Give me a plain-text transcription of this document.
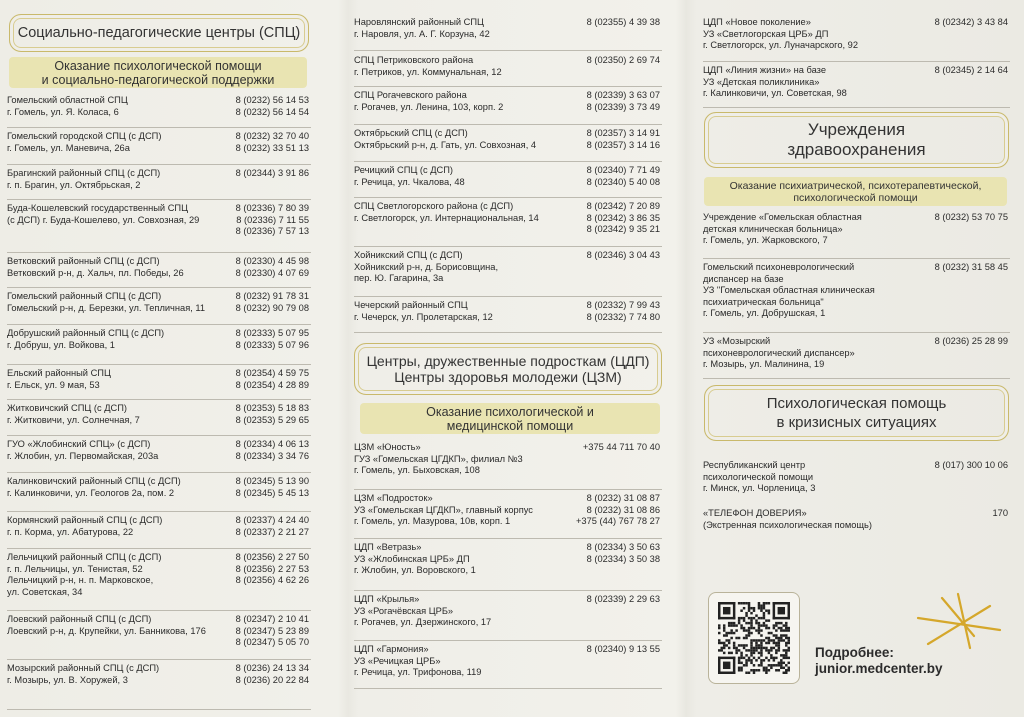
Социально-педагогические центры (СПЦ)
Оказание психологической помощи
и социально-педагогической поддержки
Гомельский областной СПЦ
г. Гомель, ул. Я. Коласа, 6
8 (0232) 56 14 53
8 (0232) 56 14 54
Гомельский городской СПЦ (с ДСП)
г. Гомель, ул. Маневича, 26а
8 (0232) 32 70 40
8 (0232) 33 51 13
Брагинский районный СПЦ (с ДСП)
г. п. Брагин, ул. Октябрьская, 2
8 (02344) 3 91 86
Буда-Кошелевский государственный СПЦ
(с ДСП) г. Буда-Кошелево, ул. Совхозная, 29
8 (02336) 7 80 39
8 (02336) 7 11 55
8 (02336) 7 57 13
Ветковский районный СПЦ (с ДСП)
Ветковский р-н, д. Хальч, пл. Победы, 26
8 (02330) 4 45 98
8 (02330) 4 07 69
Гомельский районный СПЦ (с ДСП)
Гомельский р-н, д. Березки, ул. Тепличная, 11
8 (0232) 91 78 31
8 (0232) 90 79 08
Добрушский районный СПЦ (с ДСП)
г. Добруш, ул. Войкова, 1
8 (02333) 5 07 95
8 (02333) 5 07 96
Ельский районный СПЦ
г. Ельск, ул. 9 мая, 53
8 (02354) 4 59 75
8 (02354) 4 28 89
Житковичский СПЦ (с ДСП)
г. Житковичи, ул. Солнечная, 7
8 (02353) 5 18 83
8 (02353) 5 29 65
ГУО «Жлобинский СПЦ» (с ДСП)
г. Жлобин, ул. Первомайская, 203а
8 (02334) 4 06 13
8 (02334) 3 34 76
Калинковичский районный СПЦ (с ДСП)
г. Калинковичи, ул. Геологов 2а, пом. 2
8 (02345) 5 13 90
8 (02345) 5 45 13
Кормянский районный СПЦ (с ДСП)
г. п. Корма, ул. Абатурова, 22
8 (02337) 4 24 40
8 (02337) 2 21 27
Лельчицкий районный СПЦ (с ДСП)
г. п. Лельчицы, ул. Тенистая, 52
Лельчицкий р-н, н. п. Марковское,
ул. Советская, 34
8 (02356) 2 27 50
8 (02356) 2 27 53
8 (02356) 4 62 26
Лоевский районный СПЦ (с ДСП)
Лоевский р-н, д. Крупейки, ул. Банникова, 176
8 (02347) 2 10 41
8 (02347) 5 23 89
8 (02347) 5 05 70
Мозырский районный СПЦ (с ДСП)
г. Мозырь, ул. В. Хоружей, 3
8 (0236) 24 13 34
8 (0236) 20 22 84
Наровлянский районный СПЦ
г. Наровля, ул. А. Г. Корзуна, 42
8 (02355) 4 39 38
СПЦ Петриковского района
г. Петриков, ул. Коммунальная, 12
8 (02350) 2 69 74
СПЦ Рогачевского района
г. Рогачев, ул. Ленина, 103, корп. 2
8 (02339) 3 63 07
8 (02339) 3 73 49
Октябрьский СПЦ (с ДСП)
Октябрьский р-н, д. Гать, ул. Совхозная, 4
8 (02357) 3 14 91
8 (02357) 3 14 16
Речицкий СПЦ (с ДСП)
г. Речица, ул. Чкалова, 48
8 (02340) 7 71 49
8 (02340) 5 40 08
СПЦ Светлогорского района (с ДСП)
г. Светлогорск, ул. Интернациональная, 14
8 (02342) 7 20 89
8 (02342) 3 86 35
8 (02342) 9 35 21
Хойникский СПЦ (с ДСП)
Хойникский р-н, д. Борисовщина,
пер. Ю. Гагарина, 3а
8 (02346) 3 04 43
Чечерский районный СПЦ
г. Чечерск, ул. Пролетарская, 12
8 (02332) 7 99 43
8 (02332) 7 74 80
Центры, дружественные подросткам (ЦДП)
Центры здоровья молодежи (ЦЗМ)
Оказание психологической и
медицинской помощи
ЦЗМ «Юность»
ГУЗ «Гомельская ЦГДКП», филиал №3
г. Гомель, ул. Быховская, 108
+375 44 711 70 40
ЦЗМ «Подросток»
УЗ «Гомельская ЦГДКП», главный корпус
г. Гомель, ул. Мазурова, 10в, корп. 1
8 (0232) 31 08 87
8 (0232) 31 08 86
+375 (44) 767 78 27
ЦДП «Ветразь»
УЗ «Жлобинская ЦРБ» ДП
г. Жлобин, ул. Воровского, 1
8 (02334) 3 50 63
8 (02334) 3 50 38
ЦДП «Крылья»
УЗ «Рогачёвская ЦРБ»
г. Рогачев, ул. Дзержинского, 17
8 (02339) 2 29 63
ЦДП «Гармония»
УЗ «Речицкая ЦРБ»
г. Речица, ул. Трифонова, 119
8 (02340) 9 13 55
ЦДП «Новое поколение»
УЗ «Светлогорская ЦРБ» ДП
г. Светлогорск, ул. Луначарского, 92
8 (02342) 3 43 84
ЦДП «Линия жизни» на базе
УЗ «Детская поликлиника»
г. Калинковичи, ул. Советская, 98
8 (02345) 2 14 64
Учреждения
здравоохранения
Оказание психиатрической, психотерапевтической,
психологической помощи
Учреждение «Гомельская областная
детская клиническая больница»
г. Гомель, ул. Жарковского, 7
8 (0232) 53 70 75
Гомельский психоневрологический
диспансер на базе
УЗ "Гомельская областная клиническая
психиатрическая больница"
г. Гомель, ул. Добрушская, 1
8 (0232) 31 58 45
УЗ «Мозырский
психоневрологический диспансер»
г. Мозырь, ул. Малинина, 19
8 (0236) 25 28 99
Психологическая помощь
в кризисных ситуациях
Республиканский центр
психологической помощи
г. Минск, ул. Чорленица, 3
8 (017) 300 10 06
«ТЕЛЕФОН ДОВЕРИЯ»
(Экстренная психологическая помощь)
170
Подробнее:
junior.medcenter.by
